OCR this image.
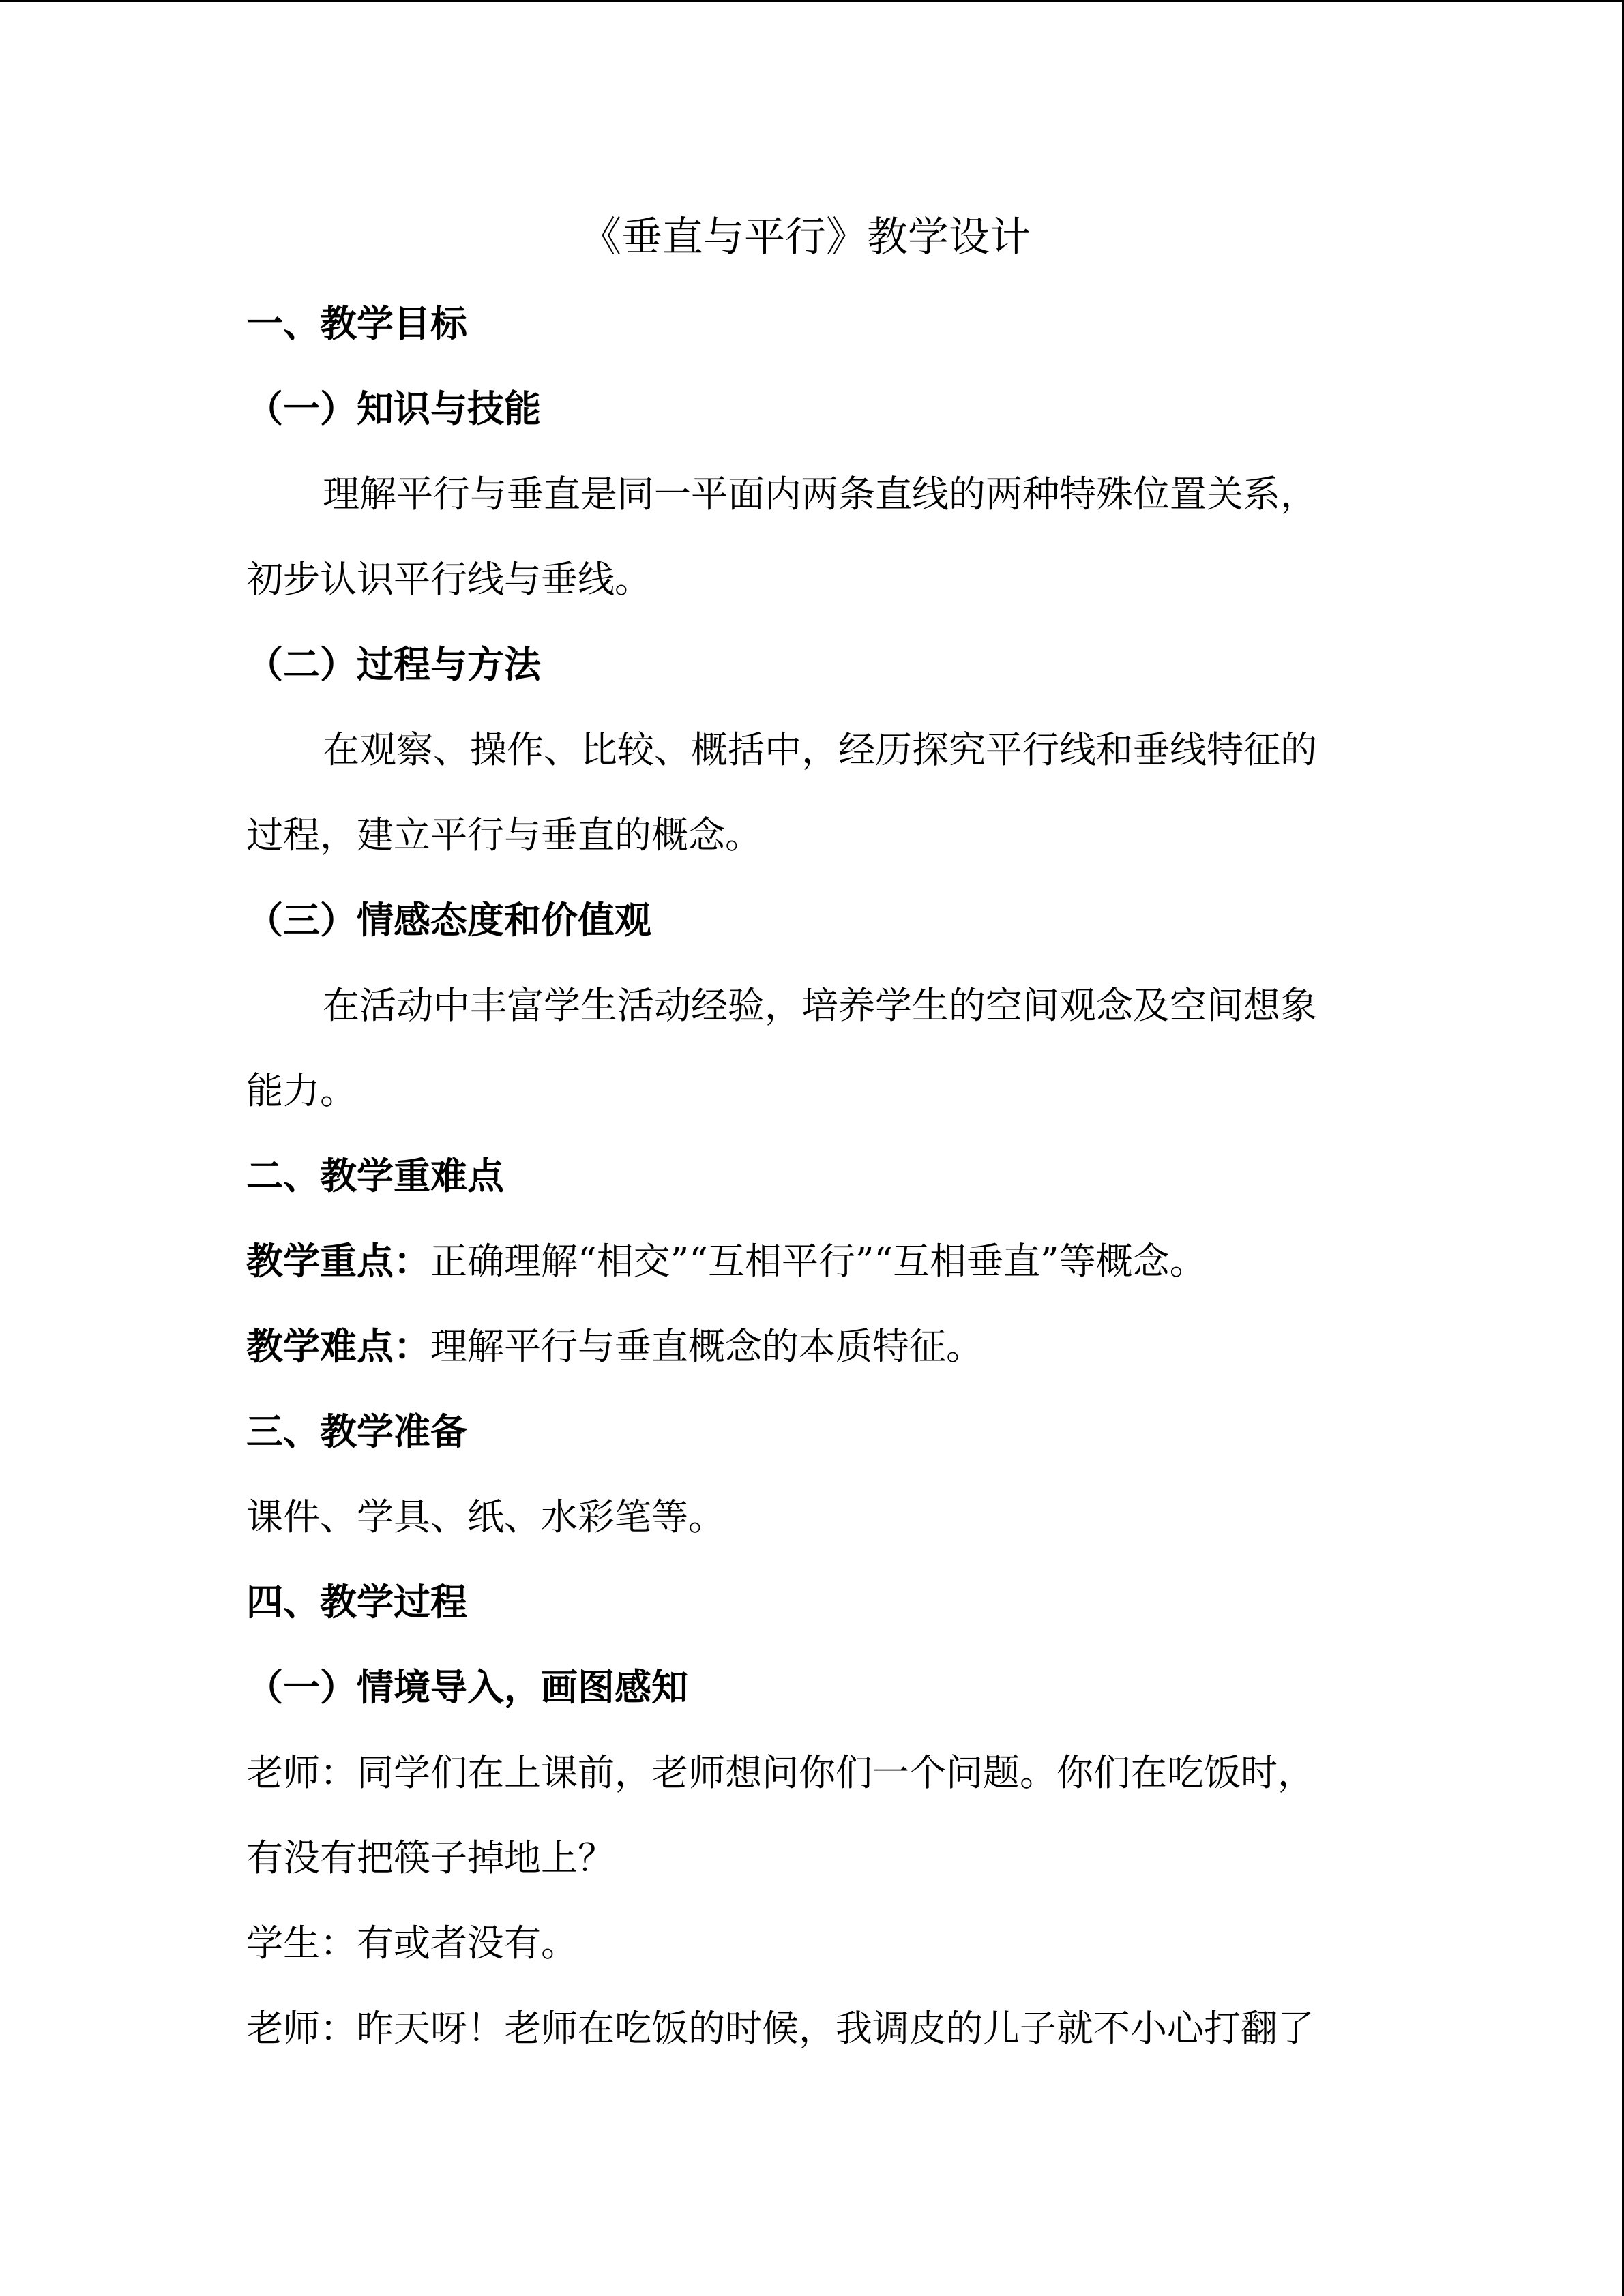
《垂直与平行》教学设计
一、教学目标
（一）知识与技能
理解平行与垂直是同一平面内两条直线的两种特殊位置关系，
初步认识平行线与垂线。
（二）过程与方法
在观察、操作、比较、概括中，经历探究平行线和垂线特征的
过程，建立平行与垂直的概念。
（三）情感态度和价值观
在活动中丰富学生活动经验，培养学生的空间观念及空间想象
能力。
二、教学重难点
教学重点：正确理解“相交”“互相平行”“互相垂直”等概念。
教学难点：理解平行与垂直概念的本质特征。
三、教学准备
课件、学具、纸、水彩笔等。
四、教学过程
（一）情境导入，画图感知
老师：同学们在上课前，老师想问你们一个问题。你们在吃饭时，
有没有把筷子掉地上？
学生：有或者没有。
老师：昨天呀！老师在吃饭的时候，我调皮的儿子就不小心打翻了
